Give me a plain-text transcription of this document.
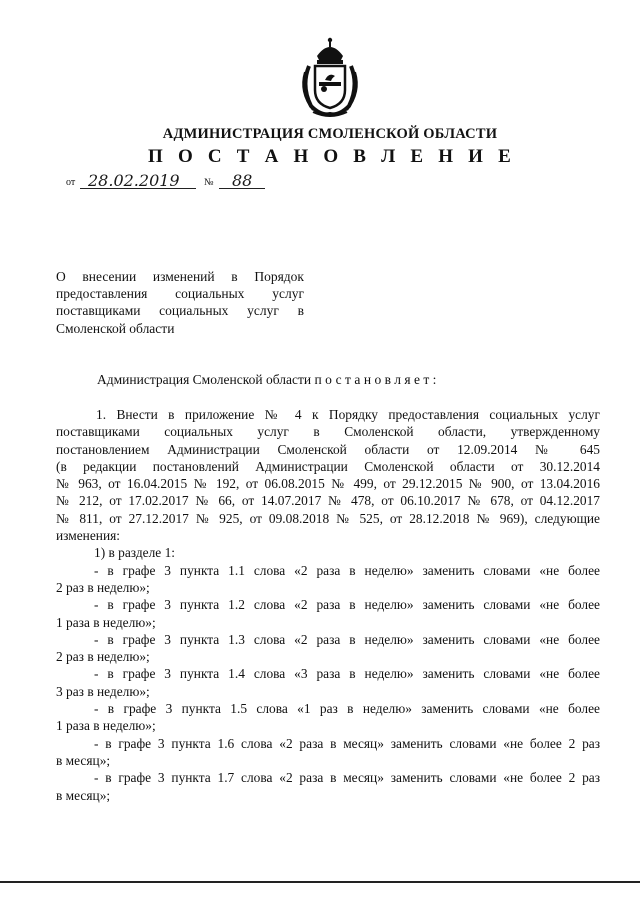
АДМИНИСТРАЦИЯ СМОЛЕНСКОЙ ОБЛАСТИ
П О С Т А Н О В Л Е Н И Е
от 28.02.2019 № 88
О внесении изменений в Порядок
предоставления социальных услуг
поставщиками социальных услуг в
Смоленской области
Администрация Смоленской области постановляет:
1. Внести в приложение № 4 к Порядку предоставления социальных услуг
поставщиками социальных услуг в Смоленской области, утвержденному
постановлением Администрации Смоленской области от 12.09.2014 № 645
(в редакции постановлений Администрации Смоленской области от 30.12.2014
№ 963, от 16.04.2015 № 192, от 06.08.2015 № 499, от 29.12.2015 № 900, от 13.04.2016
№ 212, от 17.02.2017 № 66, от 14.07.2017 № 478, от 06.10.2017 № 678, от 04.12.2017
№ 811, от 27.12.2017 № 925, от 09.08.2018 № 525, от 28.12.2018 № 969), следующие
изменения:
1) в разделе 1:
- в графе 3 пункта 1.1 слова «2 раза в неделю» заменить словами «не более
2 раз в неделю»;
- в графе 3 пункта 1.2 слова «2 раза в неделю» заменить словами «не более
1 раза в неделю»;
- в графе 3 пункта 1.3 слова «2 раза в неделю» заменить словами «не более
2 раз в неделю»;
- в графе 3 пункта 1.4 слова «3 раза в неделю» заменить словами «не более
3 раз в неделю»;
- в графе 3 пункта 1.5 слова «1 раз в неделю» заменить словами «не более
1 раза в неделю»;
- в графе 3 пункта 1.6 слова «2 раза в месяц» заменить словами «не более 2 раз
в месяц»;
- в графе 3 пункта 1.7 слова «2 раза в месяц» заменить словами «не более 2 раз
в месяц»;
